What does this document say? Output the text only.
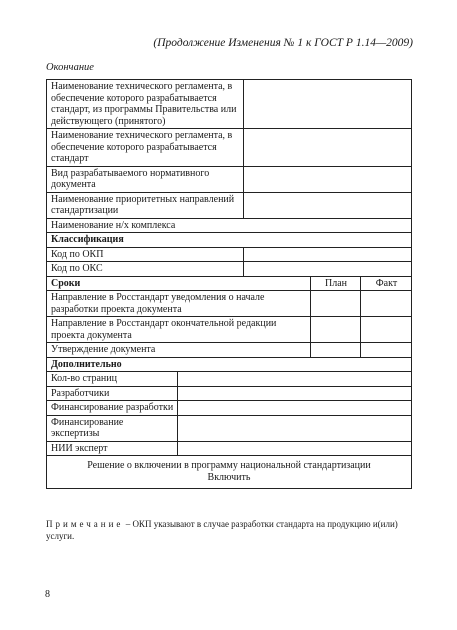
(Продолжение Изменения № 1 к ГОСТ Р 1.14—2009)
Окончание
Наименование технического регламента, в обеспечение которого разрабатывается стандарт, из программы Правительства или действующего (принятого)
Наименование технического регламента, в обеспечение которого разрабатывается стандарт
Вид разрабатываемого нормативного документа
Наименование приоритетных направлений стандартизации
Наименование н/х комплекса
Классификация
Код по ОКП
Код по ОКС
Сроки	План	Факт
Направление в Росстандарт уведомления о начале разработки проекта документа
Направление в Росстандарт окончательной редакции проекта документа
Утверждение документа
Дополнительно
Кол-во страниц
Разработчики
Финансирование разработки
Финансирование экспертизы
НИИ эксперт
Решение о включении в программу национальной стандартизации
Включить
Примечание – ОКП указывают в случае разработки стандарта на продукцию и(или) услуги.
8
